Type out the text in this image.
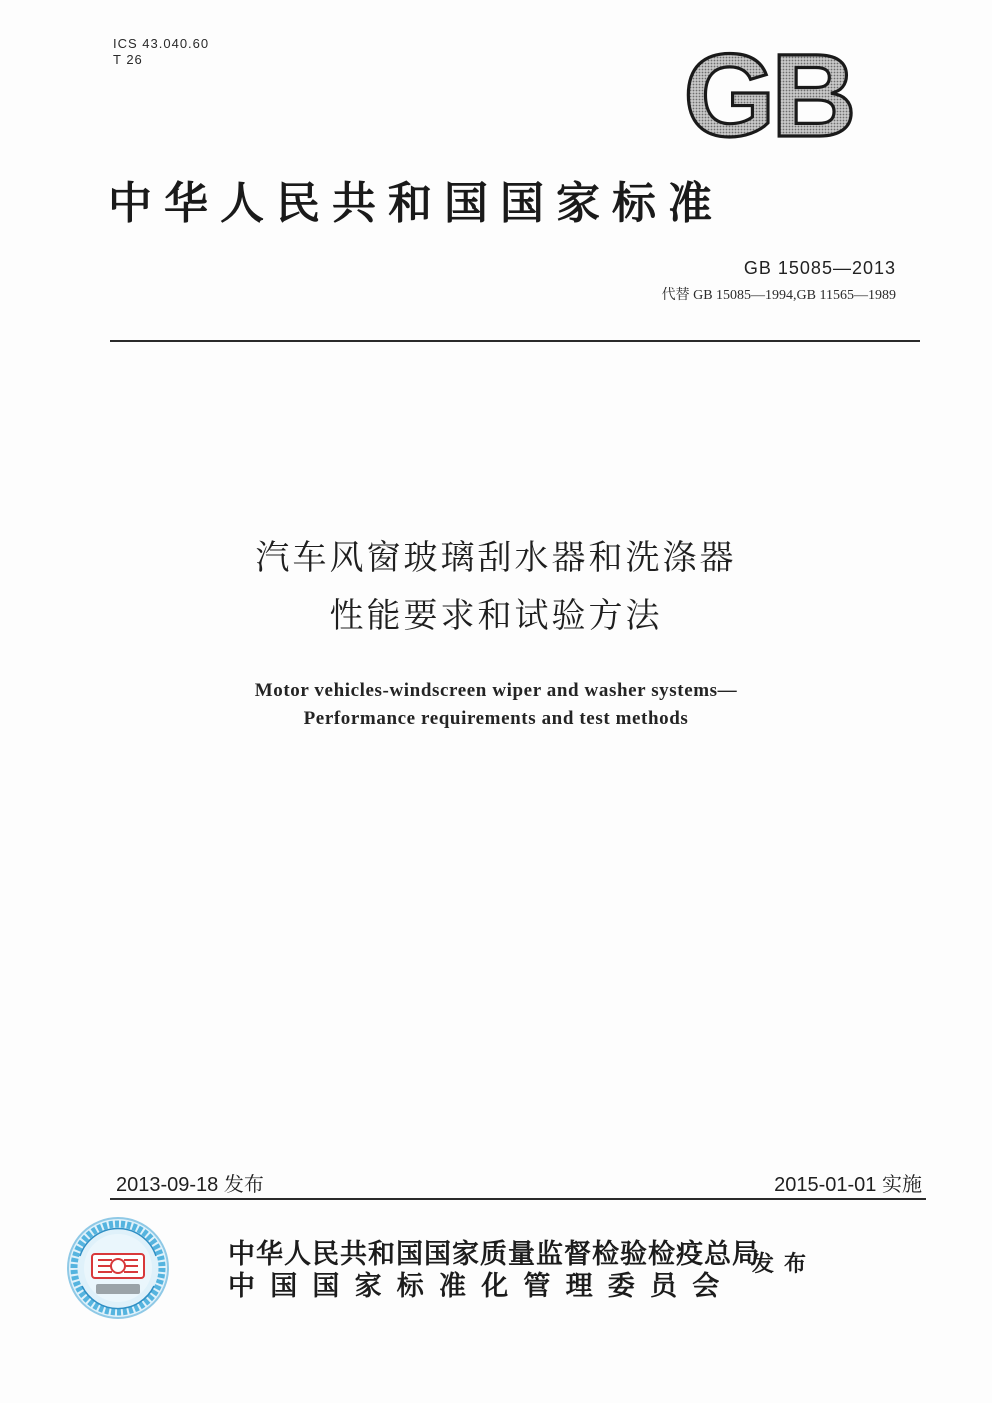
ICS 43.040.60
T 26	GB
中华人民共和国国家标准
GB 15085—2013
代替 GB 15085—1994,GB 11565—1989
汽车风窗玻璃刮水器和洗涤器
性能要求和试验方法
Motor vehicles-windscreen wiper and washer systems—
Performance requirements and test methods
2013-09-18 发布	2015-01-01 实施
中华人民共和国国家质量监督检验检疫总局
中国国家标准化管理委员会
发布
